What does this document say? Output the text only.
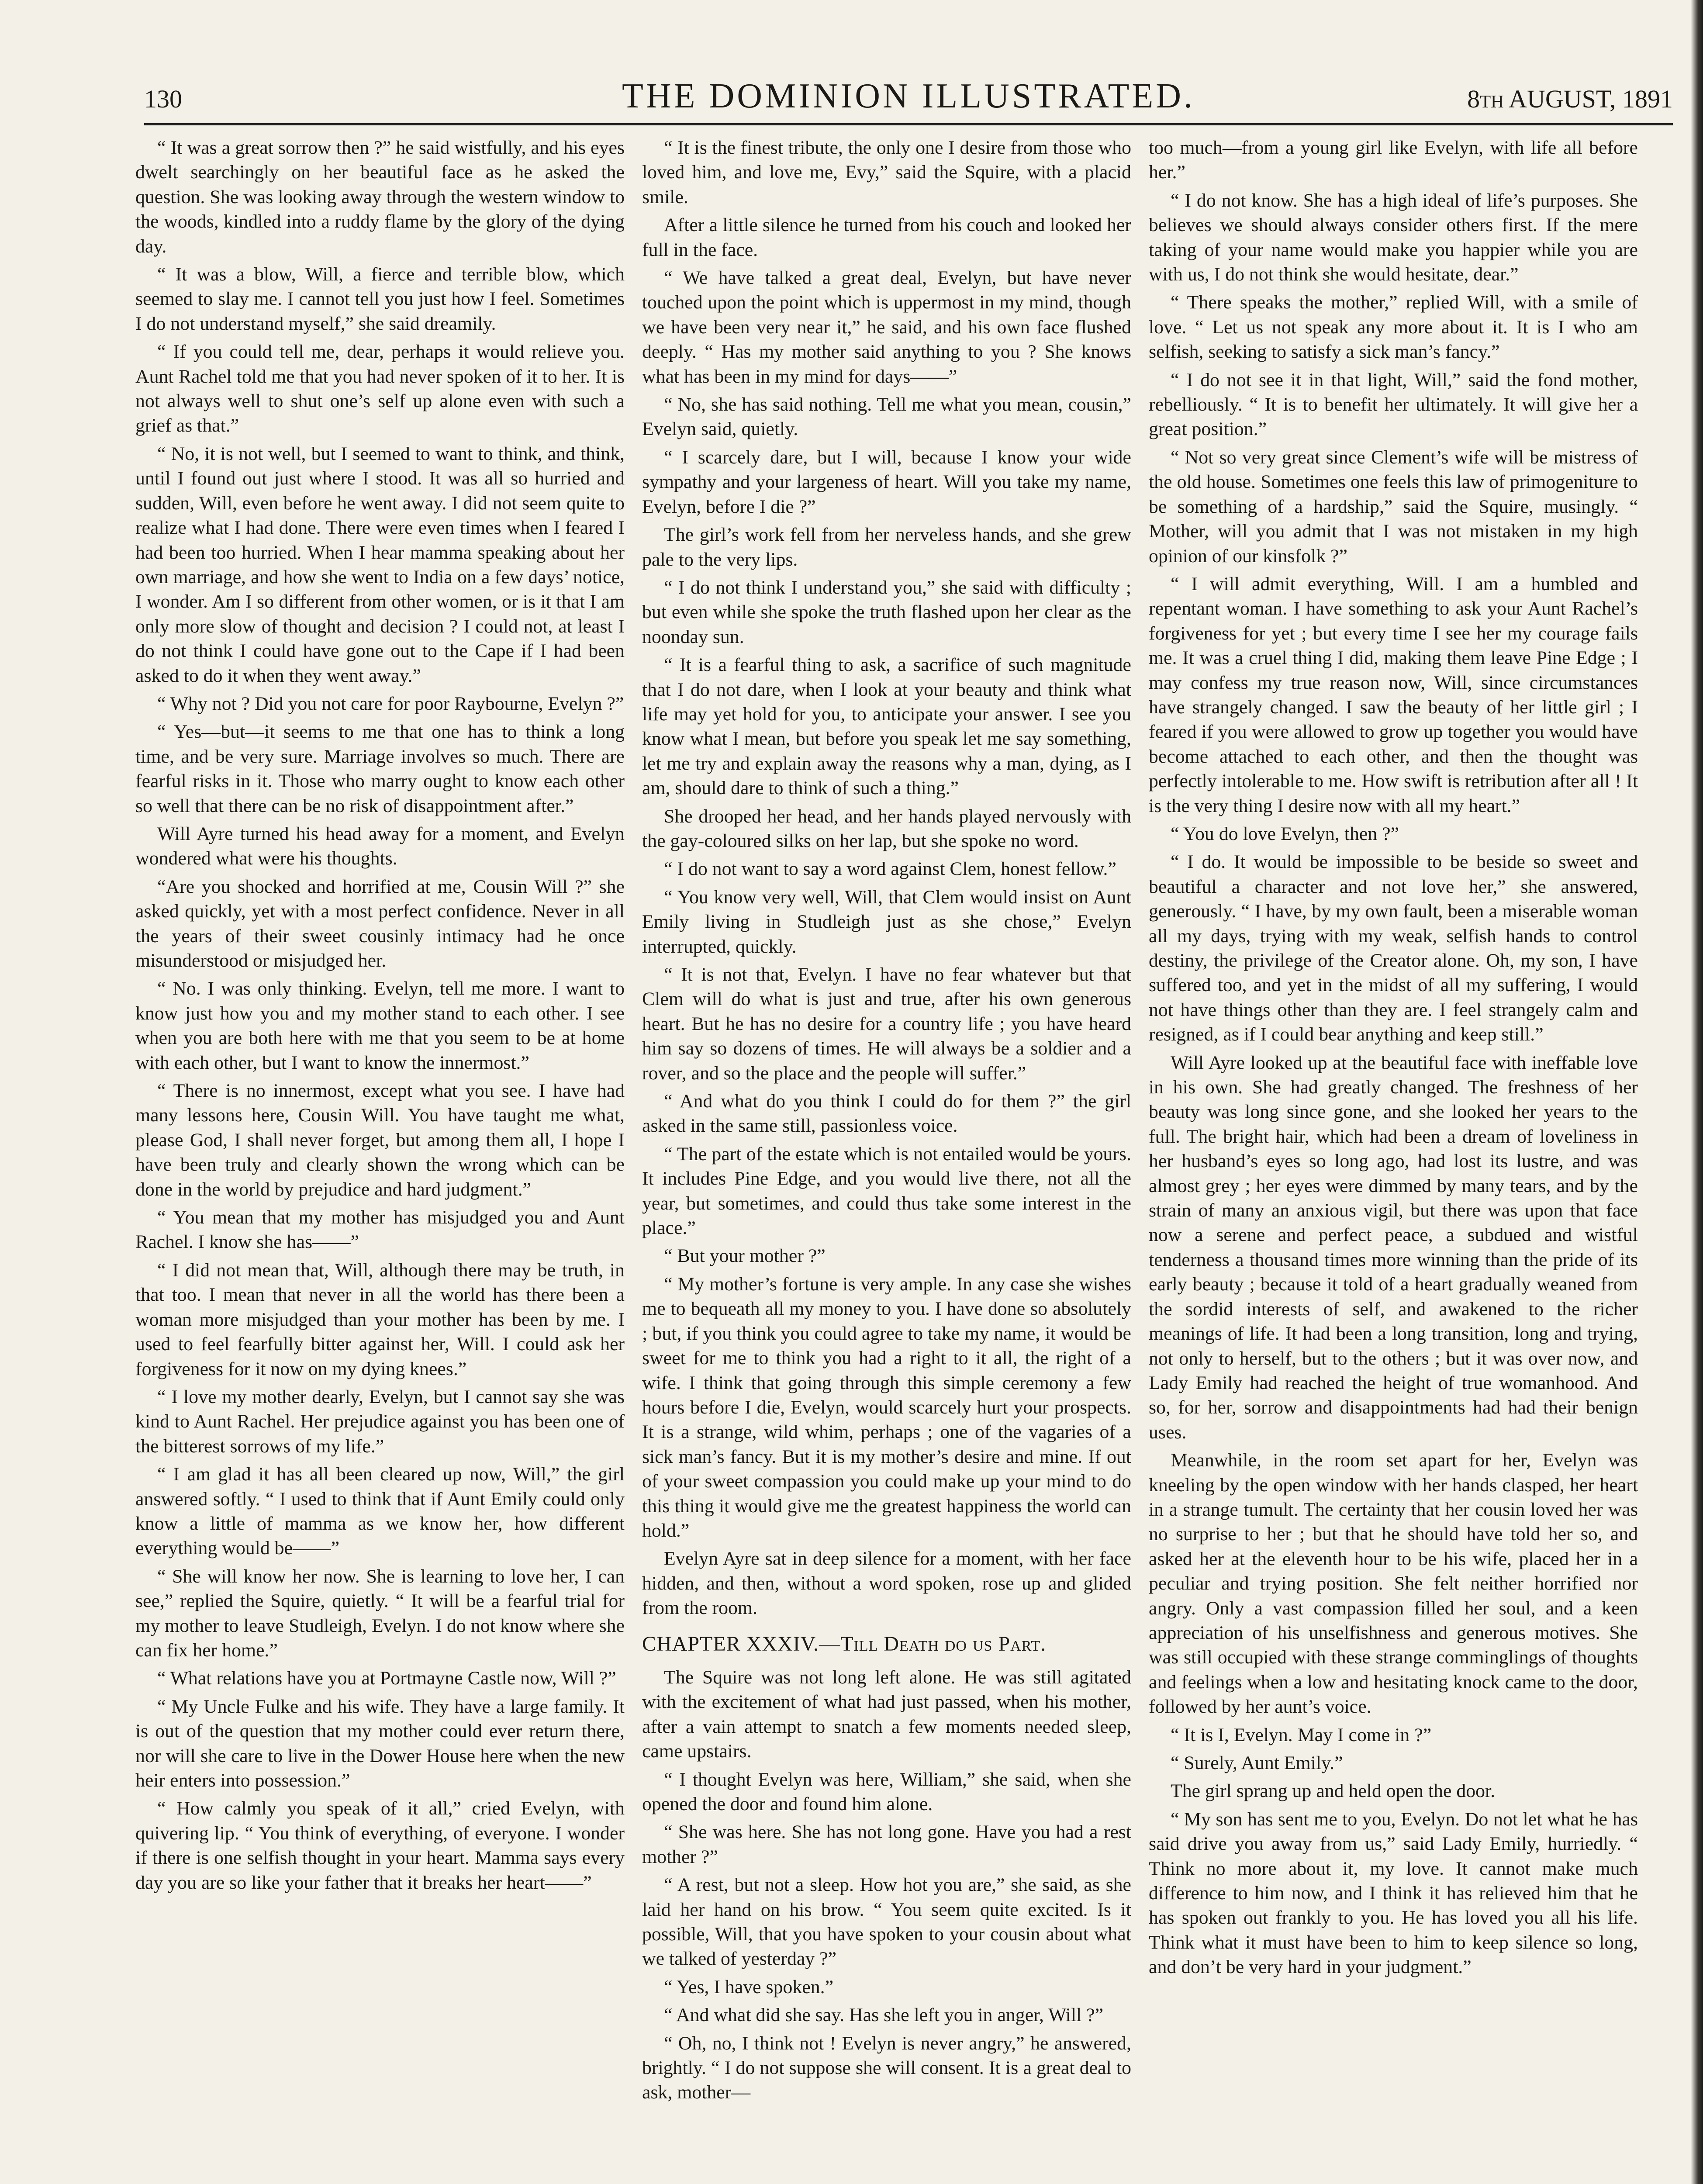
130	THE DOMINION ILLUSTRATED.	8th AUGUST, 1891

“ It was a great sorrow then ?” he said wistfully, and his eyes dwelt searchingly on her beautiful face as he asked the question. She was looking away through the western window to the woods, kindled into a ruddy flame by the glory of the dying day.

“ It was a blow, Will, a fierce and terrible blow, which seemed to slay me. I cannot tell you just how I feel. Sometimes I do not understand myself,” she said dreamily.

“ If you could tell me, dear, perhaps it would relieve you. Aunt Rachel told me that you had never spoken of it to her. It is not always well to shut one’s self up alone even with such a grief as that.”

“ No, it is not well, but I seemed to want to think, and think, until I found out just where I stood. It was all so hurried and sudden, Will, even before he went away. I did not seem quite to realize what I had done. There were even times when I feared I had been too hurried. When I hear mamma speaking about her own marriage, and how she went to India on a few days’ notice, I wonder. Am I so different from other women, or is it that I am only more slow of thought and decision ? I could not, at least I do not think I could have gone out to the Cape if I had been asked to do it when they went away.”

“ Why not ? Did you not care for poor Raybourne, Evelyn ?”

“ Yes—but—it seems to me that one has to think a long time, and be very sure. Marriage involves so much. There are fearful risks in it. Those who marry ought to know each other so well that there can be no risk of disappointment after.”

Will Ayre turned his head away for a moment, and Evelyn wondered what were his thoughts.

“Are you shocked and horrified at me, Cousin Will ?” she asked quickly, yet with a most perfect confidence. Never in all the years of their sweet cousinly intimacy had he once misunderstood or misjudged her.

“ No. I was only thinking. Evelyn, tell me more. I want to know just how you and my mother stand to each other. I see when you are both here with me that you seem to be at home with each other, but I want to know the innermost.”

“ There is no innermost, except what you see. I have had many lessons here, Cousin Will. You have taught me what, please God, I shall never forget, but among them all, I hope I have been truly and clearly shown the wrong which can be done in the world by prejudice and hard judgment.”

“ You mean that my mother has misjudged you and Aunt Rachel. I know she has——”

“ I did not mean that, Will, although there may be truth, in that too. I mean that never in all the world has there been a woman more misjudged than your mother has been by me. I used to feel fearfully bitter against her, Will. I could ask her forgiveness for it now on my dying knees.”

“ I love my mother dearly, Evelyn, but I cannot say she was kind to Aunt Rachel. Her prejudice against you has been one of the bitterest sorrows of my life.”

“ I am glad it has all been cleared up now, Will,” the girl answered softly. “ I used to think that if Aunt Emily could only know a little of mamma as we know her, how different everything would be——”

“ She will know her now. She is learning to love her, I can see,” replied the Squire, quietly. “ It will be a fearful trial for my mother to leave Studleigh, Evelyn. I do not know where she can fix her home.”

“ What relations have you at Portmayne Castle now, Will ?”

“ My Uncle Fulke and his wife. They have a large family. It is out of the question that my mother could ever return there, nor will she care to live in the Dower House here when the new heir enters into possession.”

“ How calmly you speak of it all,” cried Evelyn, with quivering lip. “ You think of everything, of everyone. I wonder if there is one selfish thought in your heart. Mamma says every day you are so like your father that it breaks her heart——”

“ It is the finest tribute, the only one I desire from those who loved him, and love me, Evy,” said the Squire, with a placid smile.

After a little silence he turned from his couch and looked her full in the face.

“ We have talked a great deal, Evelyn, but have never touched upon the point which is uppermost in my mind, though we have been very near it,” he said, and his own face flushed deeply. “ Has my mother said anything to you ? She knows what has been in my mind for days——”

“ No, she has said nothing. Tell me what you mean, cousin,” Evelyn said, quietly.

“ I scarcely dare, but I will, because I know your wide sympathy and your largeness of heart. Will you take my name, Evelyn, before I die ?”

The girl’s work fell from her nerveless hands, and she grew pale to the very lips.

“ I do not think I understand you,” she said with difficulty ; but even while she spoke the truth flashed upon her clear as the noonday sun.

“ It is a fearful thing to ask, a sacrifice of such magnitude that I do not dare, when I look at your beauty and think what life may yet hold for you, to anticipate your answer. I see you know what I mean, but before you speak let me say something, let me try and explain away the reasons why a man, dying, as I am, should dare to think of such a thing.”

She drooped her head, and her hands played nervously with the gay-coloured silks on her lap, but she spoke no word.

“ I do not want to say a word against Clem, honest fellow.”

“ You know very well, Will, that Clem would insist on Aunt Emily living in Studleigh just as she chose,” Evelyn interrupted, quickly.

“ It is not that, Evelyn. I have no fear whatever but that Clem will do what is just and true, after his own generous heart. But he has no desire for a country life ; you have heard him say so dozens of times. He will always be a soldier and a rover, and so the place and the people will suffer.”

“ And what do you think I could do for them ?” the girl asked in the same still, passionless voice.

“ The part of the estate which is not entailed would be yours. It includes Pine Edge, and you would live there, not all the year, but sometimes, and could thus take some interest in the place.”

“ But your mother ?”

“ My mother’s fortune is very ample. In any case she wishes me to bequeath all my money to you. I have done so absolutely ; but, if you think you could agree to take my name, it would be sweet for me to think you had a right to it all, the right of a wife. I think that going through this simple ceremony a few hours before I die, Evelyn, would scarcely hurt your prospects. It is a strange, wild whim, perhaps ; one of the vagaries of a sick man’s fancy. But it is my mother’s desire and mine. If out of your sweet compassion you could make up your mind to do this thing it would give me the greatest happiness the world can hold.”

Evelyn Ayre sat in deep silence for a moment, with her face hidden, and then, without a word spoken, rose up and glided from the room.

CHAPTER XXXIV.—Till Death do us Part.

The Squire was not long left alone. He was still agitated with the excitement of what had just passed, when his mother, after a vain attempt to snatch a few moments needed sleep, came upstairs.

“ I thought Evelyn was here, William,” she said, when she opened the door and found him alone.

“ She was here. She has not long gone. Have you had a rest mother ?”

“ A rest, but not a sleep. How hot you are,” she said, as she laid her hand on his brow. “ You seem quite excited. Is it possible, Will, that you have spoken to your cousin about what we talked of yesterday ?”

“ Yes, I have spoken.”

“ And what did she say. Has she left you in anger, Will ?”

“ Oh, no, I think not ! Evelyn is never angry,” he answered, brightly. “ I do not suppose she will consent. It is a great deal to ask, mother—

too much—from a young girl like Evelyn, with life all before her.”

“ I do not know. She has a high ideal of life’s purposes. She believes we should always consider others first. If the mere taking of your name would make you happier while you are with us, I do not think she would hesitate, dear.”

“ There speaks the mother,” replied Will, with a smile of love. “ Let us not speak any more about it. It is I who am selfish, seeking to satisfy a sick man’s fancy.”

“ I do not see it in that light, Will,” said the fond mother, rebelliously. “ It is to benefit her ultimately. It will give her a great position.”

“ Not so very great since Clement’s wife will be mistress of the old house. Sometimes one feels this law of primogeniture to be something of a hardship,” said the Squire, musingly. “ Mother, will you admit that I was not mistaken in my high opinion of our kinsfolk ?”

“ I will admit everything, Will. I am a humbled and repentant woman. I have something to ask your Aunt Rachel’s forgiveness for yet ; but every time I see her my courage fails me. It was a cruel thing I did, making them leave Pine Edge ; I may confess my true reason now, Will, since circumstances have strangely changed. I saw the beauty of her little girl ; I feared if you were allowed to grow up together you would have become attached to each other, and then the thought was perfectly intolerable to me. How swift is retribution after all ! It is the very thing I desire now with all my heart.”

“ You do love Evelyn, then ?”

“ I do. It would be impossible to be beside so sweet and beautiful a character and not love her,” she answered, generously. “ I have, by my own fault, been a miserable woman all my days, trying with my weak, selfish hands to control destiny, the privilege of the Creator alone. Oh, my son, I have suffered too, and yet in the midst of all my suffering, I would not have things other than they are. I feel strangely calm and resigned, as if I could bear anything and keep still.”

Will Ayre looked up at the beautiful face with ineffable love in his own. She had greatly changed. The freshness of her beauty was long since gone, and she looked her years to the full. The bright hair, which had been a dream of loveliness in her husband’s eyes so long ago, had lost its lustre, and was almost grey ; her eyes were dimmed by many tears, and by the strain of many an anxious vigil, but there was upon that face now a serene and perfect peace, a subdued and wistful tenderness a thousand times more winning than the pride of its early beauty ; because it told of a heart gradually weaned from the sordid interests of self, and awakened to the richer meanings of life. It had been a long transition, long and trying, not only to herself, but to the others ; but it was over now, and Lady Emily had reached the height of true womanhood. And so, for her, sorrow and disappointments had had their benign uses.

Meanwhile, in the room set apart for her, Evelyn was kneeling by the open window with her hands clasped, her heart in a strange tumult. The certainty that her cousin loved her was no surprise to her ; but that he should have told her so, and asked her at the eleventh hour to be his wife, placed her in a peculiar and trying position. She felt neither horrified nor angry. Only a vast compassion filled her soul, and a keen appreciation of his unselfishness and generous motives. She was still occupied with these strange comminglings of thoughts and feelings when a low and hesitating knock came to the door, followed by her aunt’s voice.

“ It is I, Evelyn. May I come in ?”

“ Surely, Aunt Emily.”

The girl sprang up and held open the door.

“ My son has sent me to you, Evelyn. Do not let what he has said drive you away from us,” said Lady Emily, hurriedly. “ Think no more about it, my love. It cannot make much difference to him now, and I think it has relieved him that he has spoken out frankly to you. He has loved you all his life. Think what it must have been to him to keep silence so long, and don’t be very hard in your judgment.”
